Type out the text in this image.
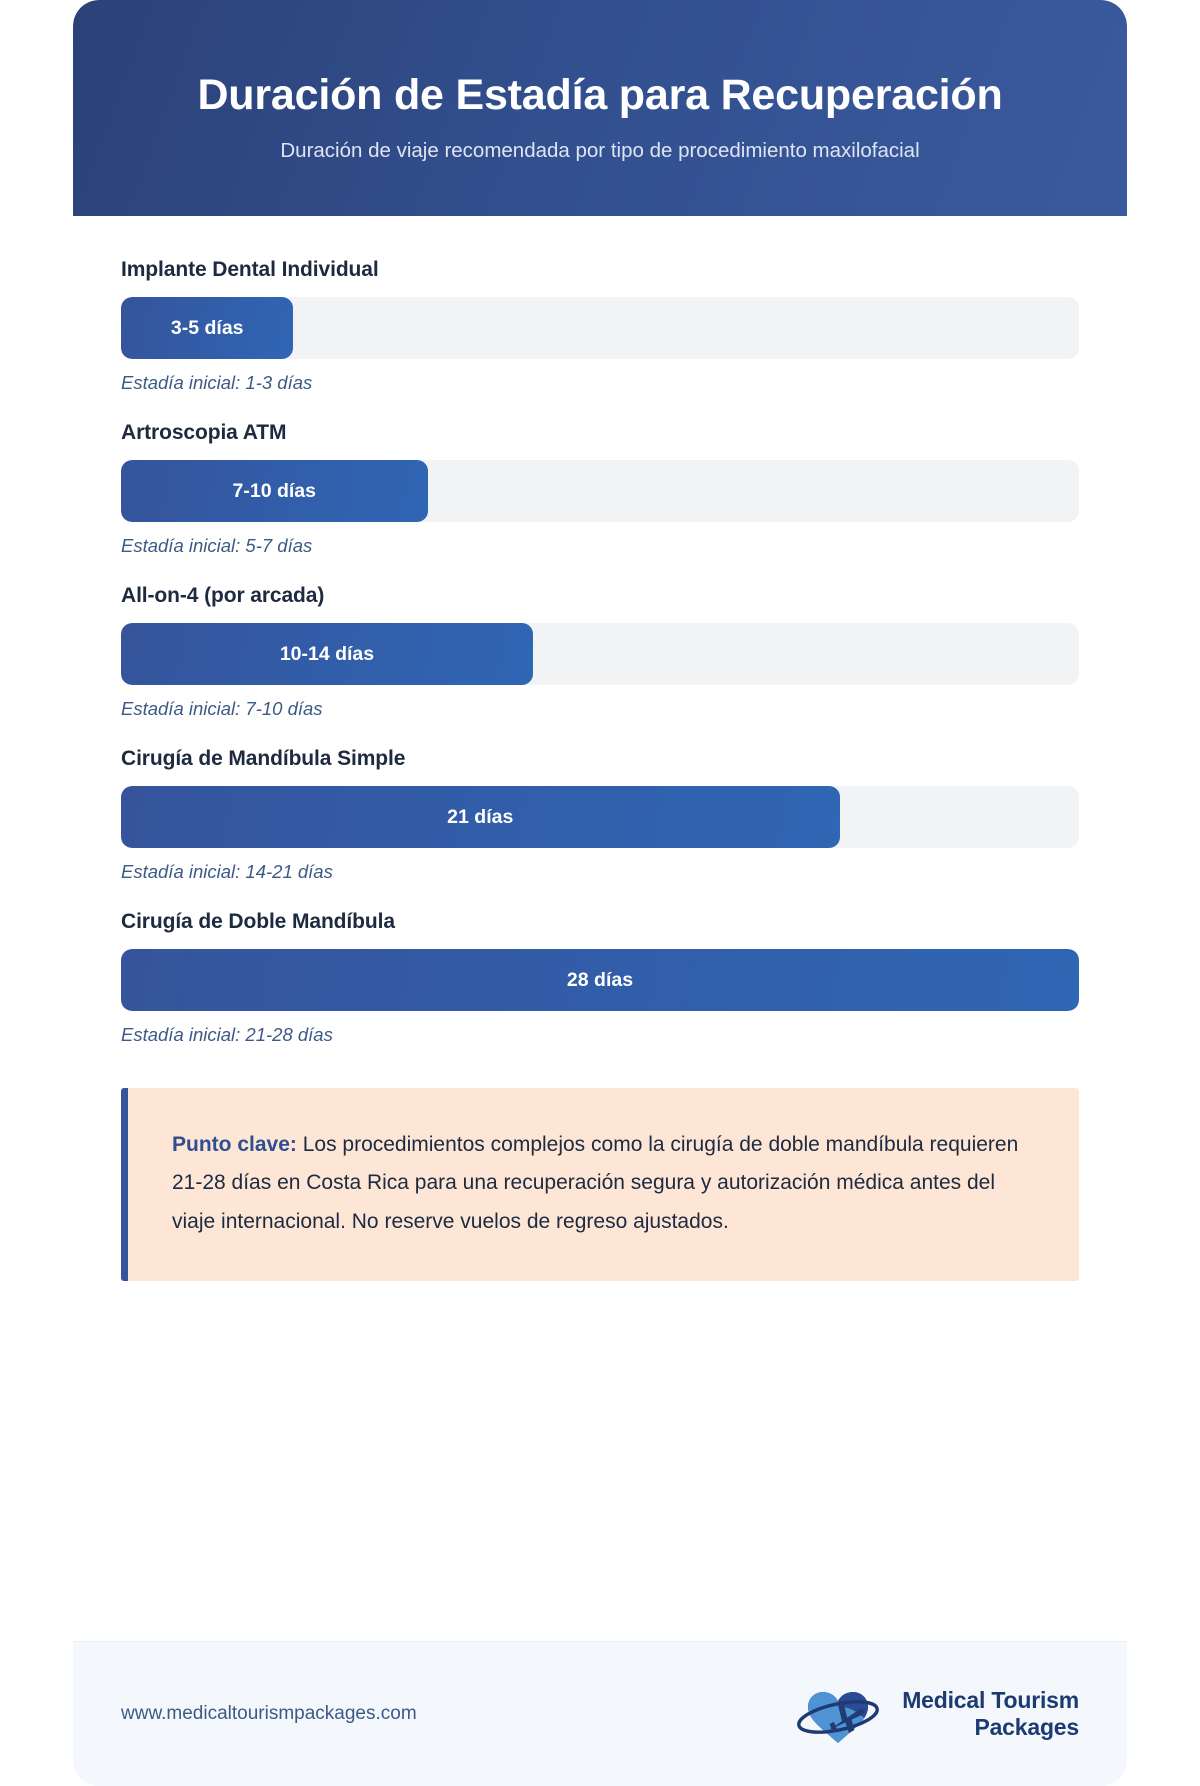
Duración de Estadía para Recuperación
Duración de viaje recomendada por tipo de procedimiento maxilofacial
Implante Dental Individual
3-5 días
Estadía inicial: 1-3 días
Artroscopia ATM
7-10 días
Estadía inicial: 5-7 días
All-on-4 (por arcada)
10-14 días
Estadía inicial: 7-10 días
Cirugía de Mandíbula Simple
21 días
Estadía inicial: 14-21 días
Cirugía de Doble Mandíbula
28 días
Estadía inicial: 21-28 días

Punto clave: Los procedimientos complejos como la cirugía de doble mandíbula requieren 21-28 días en Costa Rica para una recuperación segura y autorización médica antes del viaje internacional. No reserve vuelos de regreso ajustados.

www.medicaltourismpackages.com
Medical Tourism
Packages
